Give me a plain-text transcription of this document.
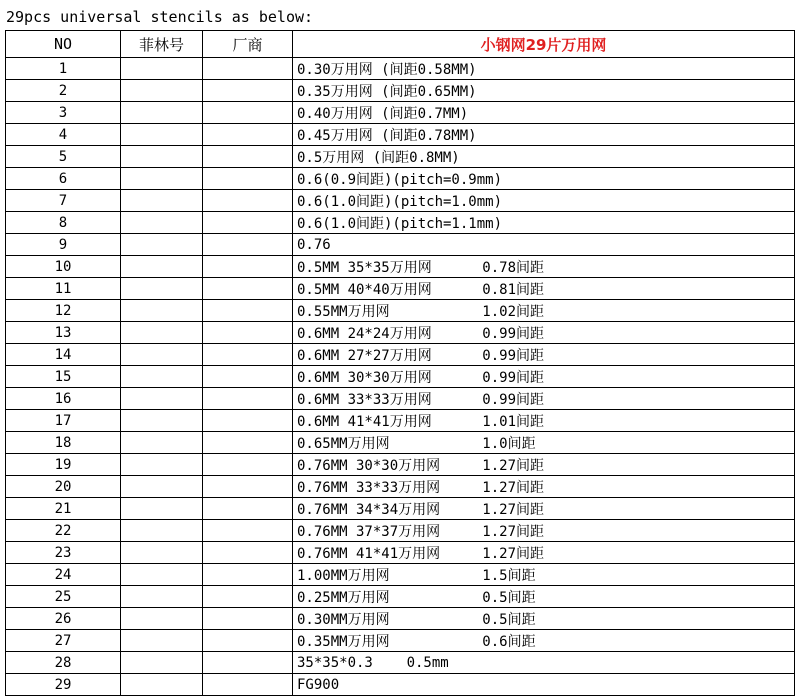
29pcs universal stencils as below:
NO	菲林号	厂商	小钢网29片万用网
1			0.30万用网 (间距0.58MM)
2			0.35万用网 (间距0.65MM)
3			0.40万用网 (间距0.7MM)
4			0.45万用网 (间距0.78MM)
5			0.5万用网 (间距0.8MM)
6			0.6(0.9间距)(pitch=0.9mm)
7			0.6(1.0间距)(pitch=1.0mm)
8			0.6(1.0间距)(pitch=1.1mm)
9			0.76
10			0.5MM 35*35万用网      0.78间距
11			0.5MM 40*40万用网      0.81间距
12			0.55MM万用网           1.02间距
13			0.6MM 24*24万用网      0.99间距
14			0.6MM 27*27万用网      0.99间距
15			0.6MM 30*30万用网      0.99间距
16			0.6MM 33*33万用网      0.99间距
17			0.6MM 41*41万用网      1.01间距
18			0.65MM万用网           1.0间距
19			0.76MM 30*30万用网     1.27间距
20			0.76MM 33*33万用网     1.27间距
21			0.76MM 34*34万用网     1.27间距
22			0.76MM 37*37万用网     1.27间距
23			0.76MM 41*41万用网     1.27间距
24			1.00MM万用网           1.5间距
25			0.25MM万用网           0.5间距
26			0.30MM万用网           0.5间距
27			0.35MM万用网           0.6间距
28			35*35*0.3    0.5mm
29			FG900
